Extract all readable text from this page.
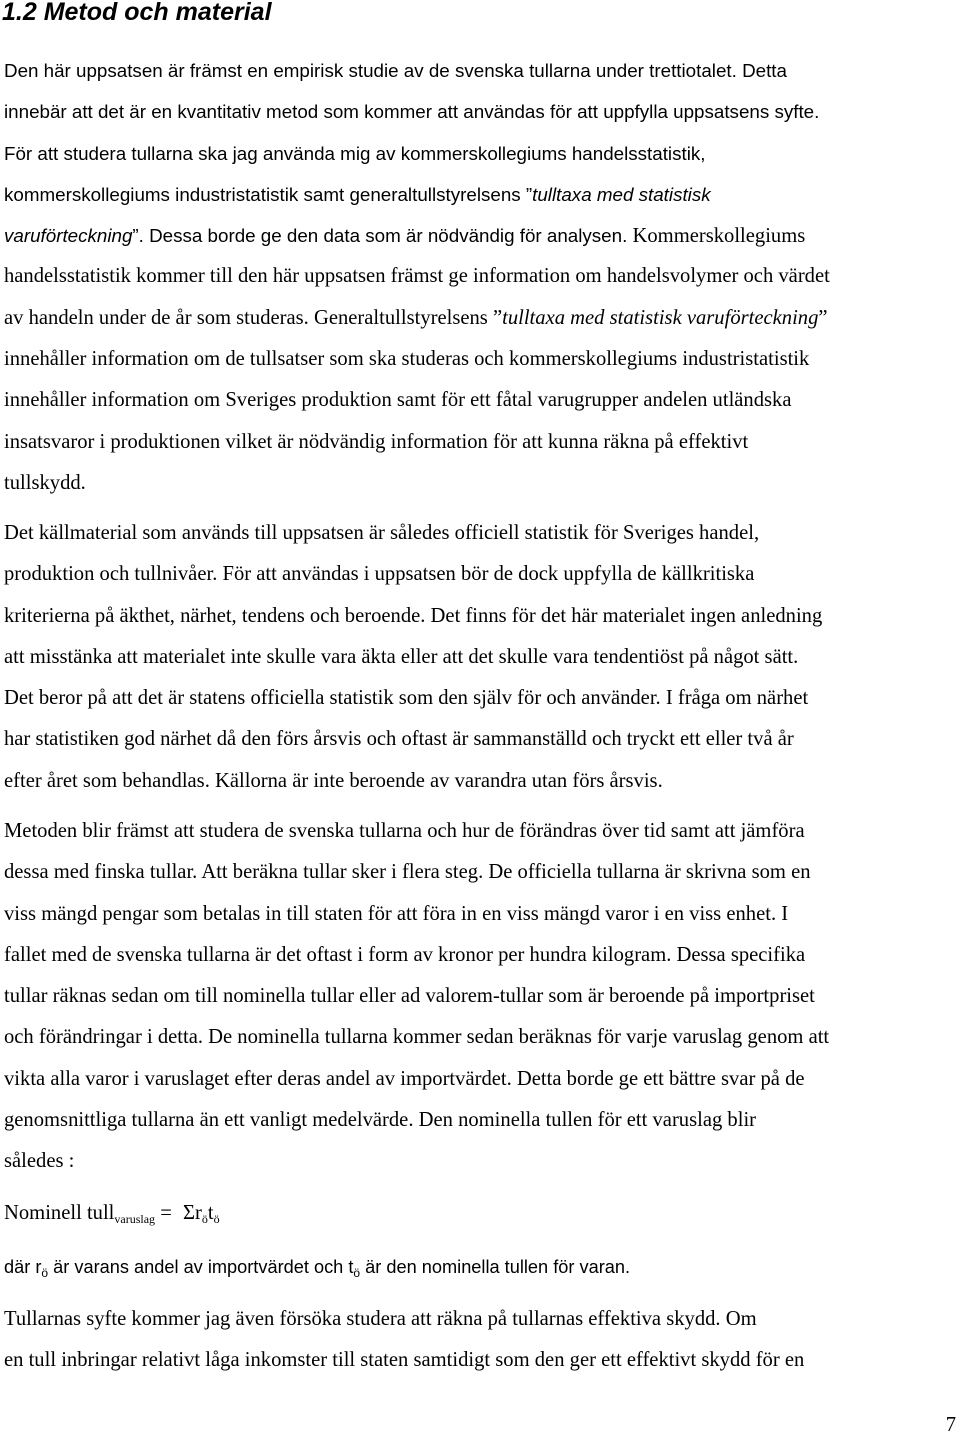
1.2 Metod och material
Den här uppsatsen är främst en empirisk studie av de svenska tullarna under trettiotalet. Detta
innebär att det är en kvantitativ metod som kommer att användas för att uppfylla uppsatsens syfte.
För att studera tullarna ska jag använda mig av kommerskollegiums handelsstatistik,
kommerskollegiums industristatistik samt generaltullstyrelsens ”tulltaxa med statistisk
varuförteckning”. Dessa borde ge den data som är nödvändig för analysen. Kommerskollegiums
handelsstatistik kommer till den här uppsatsen främst ge information om handelsvolymer och värdet
av handeln under de år som studeras. Generaltullstyrelsens ”tulltaxa med statistisk varuförteckning”
innehåller information om de tullsatser som ska studeras och kommerskollegiums industristatistik
innehåller information om Sveriges produktion samt för ett fåtal varugrupper andelen utländska
insatsvaror i produktionen vilket är nödvändig information för att kunna räkna på effektivt
tullskydd.
Det källmaterial som används till uppsatsen är således officiell statistik för Sveriges handel,
produktion och tullnivåer. För att användas i uppsatsen bör de dock uppfylla de källkritiska
kriterierna på äkthet, närhet, tendens och beroende. Det finns för det här materialet ingen anledning
att misstänka att materialet inte skulle vara äkta eller att det skulle vara tendentiöst på något sätt.
Det beror på att det är statens officiella statistik som den själv för och använder. I fråga om närhet
har statistiken god närhet då den förs årsvis och oftast är sammanställd och tryckt ett eller två år
efter året som behandlas. Källorna är inte beroende av varandra utan förs årsvis.
Metoden blir främst att studera de svenska tullarna och hur de förändras över tid samt att jämföra
dessa med finska tullar. Att beräkna tullar sker i flera steg. De officiella tullarna är skrivna som en
viss mängd pengar som betalas in till staten för att föra in en viss mängd varor i en viss enhet. I
fallet med de svenska tullarna är det oftast i form av kronor per hundra kilogram. Dessa specifika
tullar räknas sedan om till nominella tullar eller ad valorem-tullar som är beroende på importpriset
och förändringar i detta. De nominella tullarna kommer sedan beräknas för varje varuslag genom att
vikta alla varor i varuslaget efter deras andel av importvärdet. Detta borde ge ett bättre svar på de
genomsnittliga tullarna än ett vanligt medelvärde. Den nominella tullen för ett varuslag blir
således :
Nominell tull$_{varuslag}$ = $\Sigma r_öt_ö$
där $r_ö$ är varans andel av importvärdet och $t_ö$ är den nominella tullen för varan.
Tullarnas syfte kommer jag även försöka studera att räkna på tullarnas effektiva skydd. Om
en tull inbringar relativt låga inkomster till staten samtidigt som den ger ett effektivt skydd för en
7
